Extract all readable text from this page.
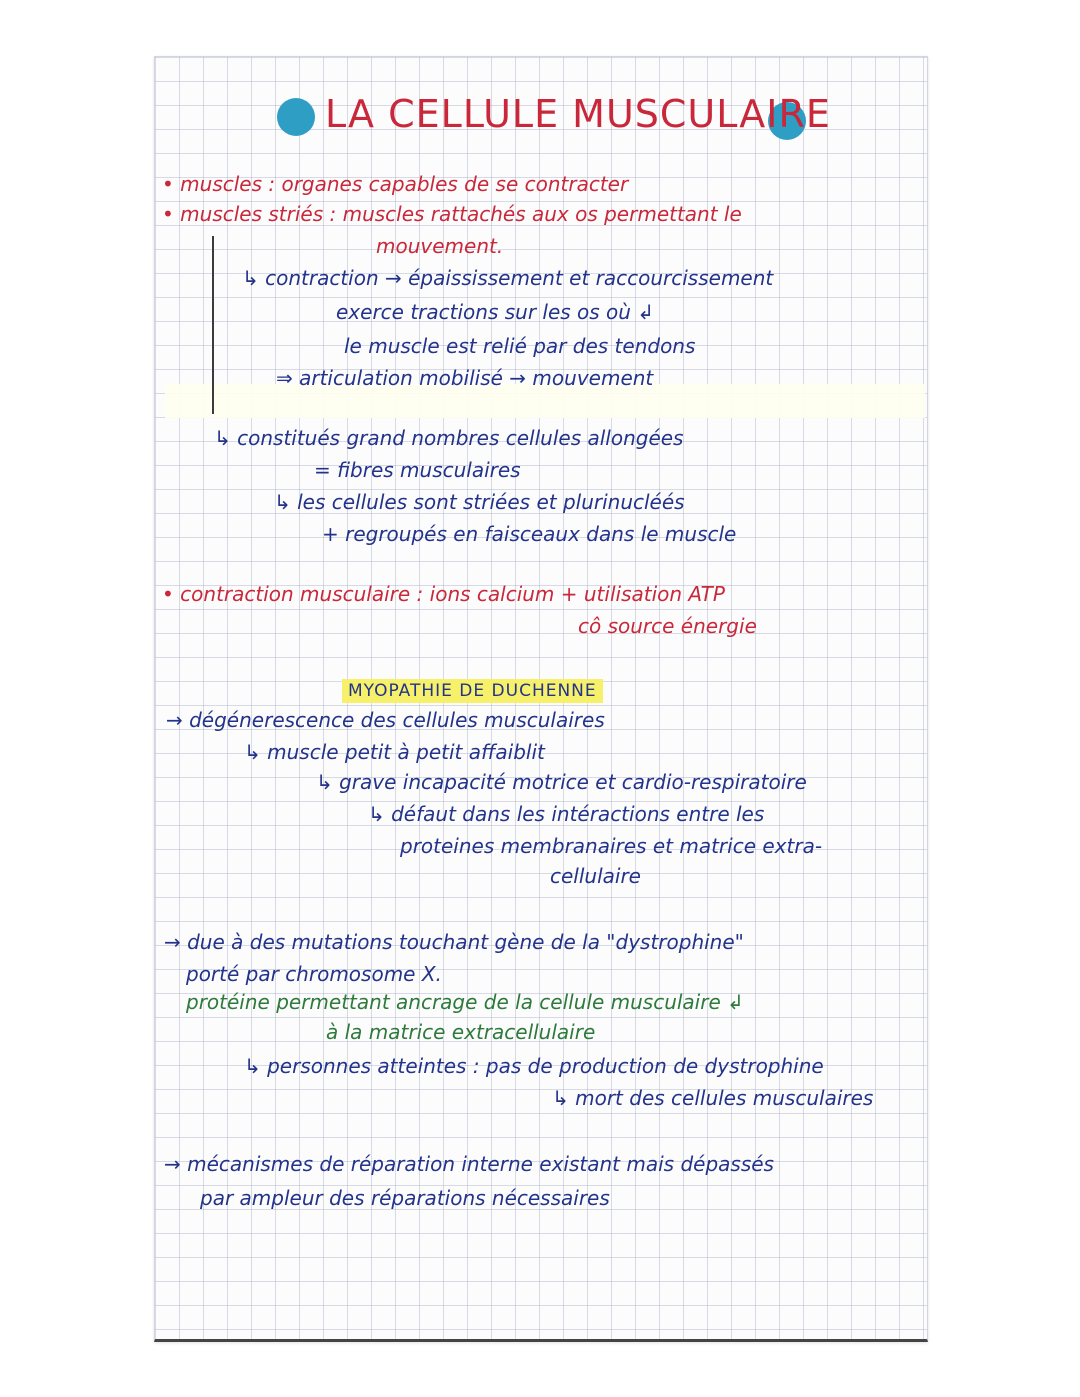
LA CELLULE MUSCULAIRE
• muscles : organes capables de se contracter
• muscles striés : muscles rattachés aux os permettant le
mouvement.
↳ contraction → épaississement et raccourcissement
exerce tractions sur les os où ↲
le muscle est relié par des tendons
⇒ articulation mobilisé → mouvement
↳ constitués grand nombres cellules allongées
= fibres musculaires
↳ les cellules sont striées et plurinucléés
+ regroupés en faisceaux dans le muscle
• contraction musculaire : ions calcium + utilisation ATP
cô source énergie
MYOPATHIE DE DUCHENNE
→ dégénerescence des cellules musculaires
↳ muscle petit à petit affaiblit
↳ grave incapacité motrice et cardio-respiratoire
↳ défaut dans les intéractions entre les
proteines membranaires et matrice extra-
cellulaire
→ due à des mutations touchant gène de la "dystrophine"
porté par chromosome X.
protéine permettant ancrage de la cellule musculaire ↲
à la matrice extracellulaire
↳ personnes atteintes : pas de production de dystrophine
↳ mort des cellules musculaires
→ mécanismes de réparation interne existant mais dépassés
par ampleur des réparations nécessaires
